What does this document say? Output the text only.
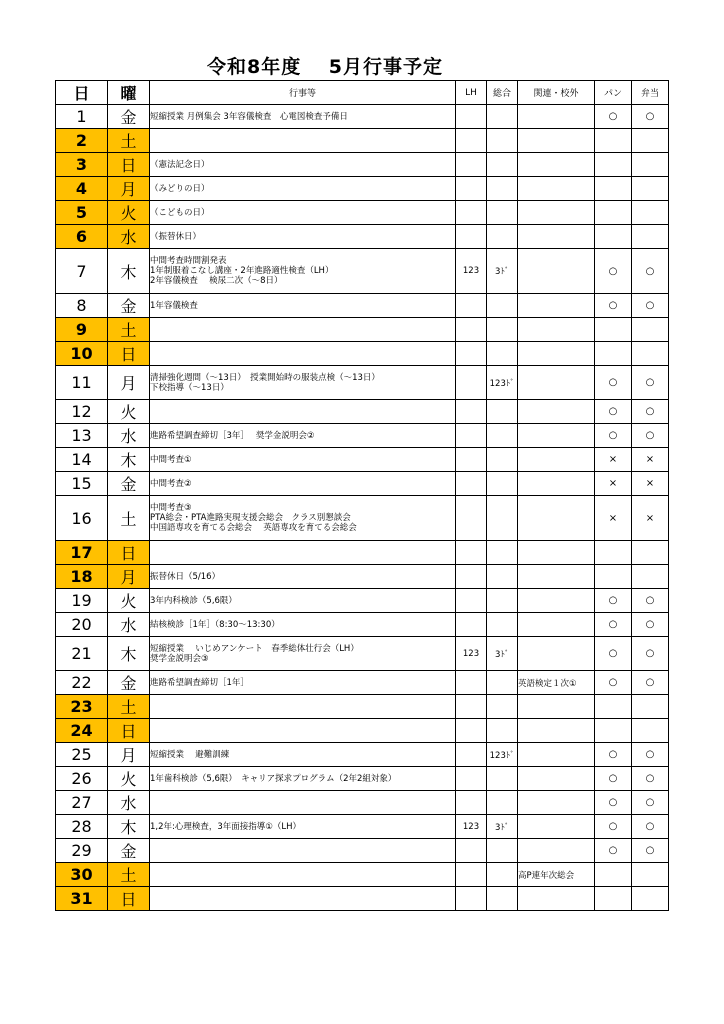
令和8年度　 5月行事予定
日	曜	行事等	LH	総合	関連・校外	パン	弁当
1	金	短縮授業 月例集会 3年容儀検査　心電図検査予備日				○	○
2	土	

3	日	（憲法記念日）					

4	月	（みどりの日）					

5	火	（こどもの日）					

6	水	（振替休日）					

7	木	中間考査時間割発表
1年制服着こなし講座・2年進路適性検査（LH）
2年容儀検査　 検尿二次（～8日）	123	3ﾄﾞ		○	○
8	金	1年容儀検査				○	○
9	土	

10	日	

11	月	清掃強化週間（～13日）　授業開始時の服装点検（～13日）
下校指導（～13日）		123ﾄﾞ		○	○
12	火					○	○
13	水	進路希望調査締切［3年］　 奨学金説明会②				○	○
14	木	中間考査①				×	×
15	金	中間考査②				×	×
16	土	中間考査③
PTA総会・PTA進路実現支援会総会　クラス別懇談会
中国語専攻を育てる会総会　 英語専攻を育てる会総会				×	×
17	日	

18	月	振替休日（5/16）					

19	火	3年内科検診（5,6限）				○	○
20	水	結核検診［1年］（8:30～13:30）				○	○
21	木	短縮授業　 いじめアンケート　春季総体壮行会（LH）
奨学金説明会③	123	3ﾄﾞ		○	○
22	金	進路希望調査締切［1年］			英語検定１次①	○	○
23	土	

24	日	

25	月	短縮授業　 避難訓練		123ﾄﾞ		○	○
26	火	1年歯科検診（5,6限）　キャリア探求プログラム（2年2組対象）				○	○
27	水					○	○
28	木	1,2年:心理検査，3年面接指導①（LH）	123	3ﾄﾞ		○	○
29	金					○	○
30	土				高P連年次総会		
31	日	
